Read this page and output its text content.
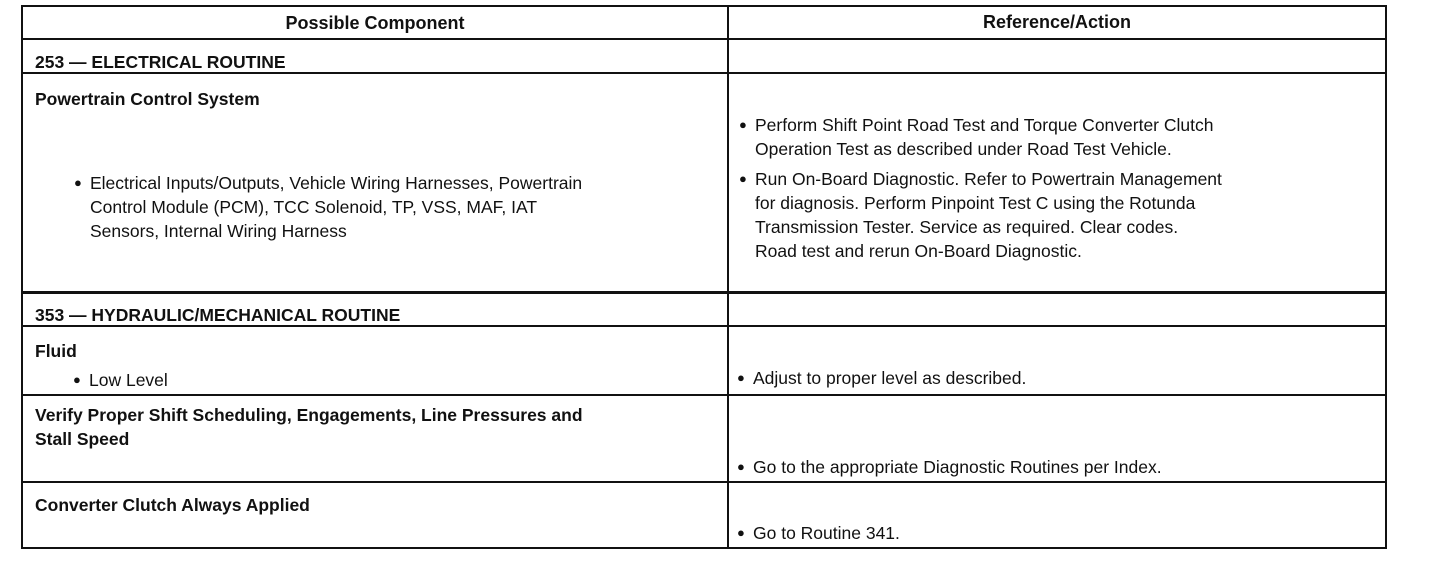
Possible Component	Reference/Action
253 — ELECTRICAL ROUTINE
Powertrain Control System
● Electrical Inputs/Outputs, Vehicle Wiring Harnesses, Powertrain
Control Module (PCM), TCC Solenoid, TP, VSS, MAF, IAT
Sensors, Internal Wiring Harness
● Perform Shift Point Road Test and Torque Converter Clutch
Operation Test as described under Road Test Vehicle.
● Run On-Board Diagnostic. Refer to Powertrain Management
for diagnosis. Perform Pinpoint Test C using the Rotunda
Transmission Tester. Service as required. Clear codes.
Road test and rerun On-Board Diagnostic.
353 — HYDRAULIC/MECHANICAL ROUTINE
Fluid
● Low Level	● Adjust to proper level as described.
Verify Proper Shift Scheduling, Engagements, Line Pressures and
Stall Speed
● Go to the appropriate Diagnostic Routines per Index.
Converter Clutch Always Applied
● Go to Routine 341.
